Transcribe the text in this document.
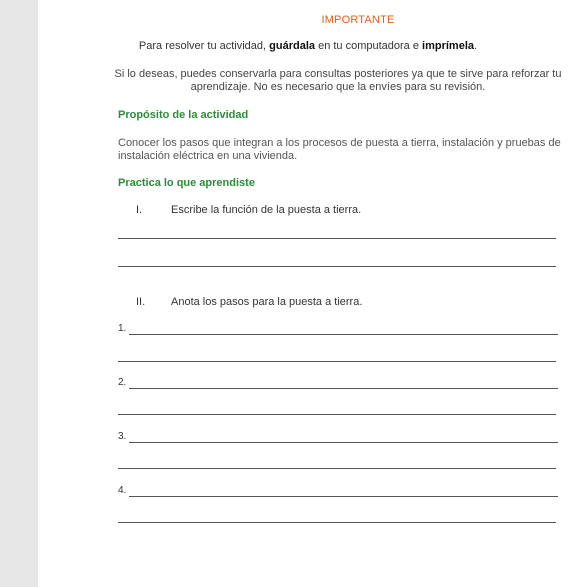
IMPORTANTE
Para resolver tu actividad, guárdala en tu computadora e imprímela.
Si lo deseas, puedes conservarla para consultas posteriores ya que te sirve para reforzar tu aprendizaje. No es necesario que la envíes para su revisión.
Propósito de la actividad
Conocer los pasos que integran a los procesos de puesta a tierra, instalación y pruebas de instalación eléctrica en una vivienda.
Practica lo que aprendiste
I.	Escribe la función de la puesta a tierra.
II. Anota los pasos para la puesta a tierra.
1.
2.
3.
4.
